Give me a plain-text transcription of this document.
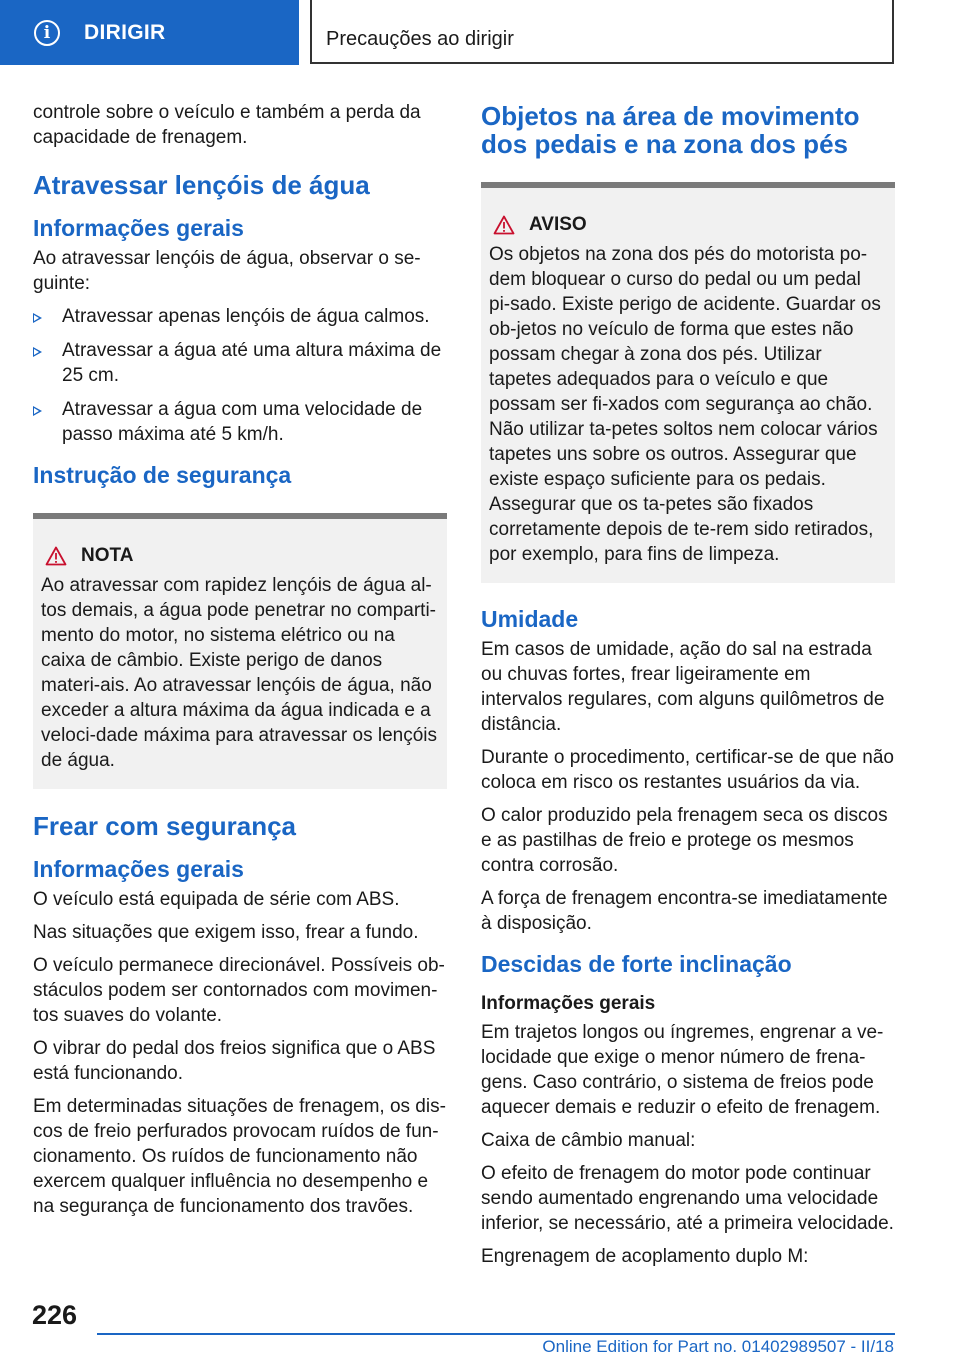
i	DIRIGIR	Precauções ao dirigir

controle sobre o veículo e também a perda da capacidade de frenagem.

Atravessar lençóis de água
Informações gerais

Ao atravessar lençóis de água, observar o se-guinte:

Atravessar apenas lençóis de água calmos.
Atravessar a água até uma altura máxima de 25 cm.
Atravessar a água com uma velocidade de passo máxima até 5 km/h.
Instrução de segurança
NOTA

Ao atravessar com rapidez lençóis de água al-tos demais, a água pode penetrar no comparti-mento do motor, no sistema elétrico ou na caixa de câmbio. Existe perigo de danos materi-ais. Ao atravessar lençóis de água, não exceder a altura máxima da água indicada e a veloci-dade máxima para atravessar os lençóis de água.

Frear com segurança
Informações gerais

O veículo está equipada de série com ABS.

Nas situações que exigem isso, frear a fundo.

O veículo permanece direcionável. Possíveis ob-stáculos podem ser contornados com movimen-tos suaves do volante.

O vibrar do pedal dos freios significa que o ABS está funcionando.

Em determinadas situações de frenagem, os dis-cos de freio perfurados provocam ruídos de fun-cionamento. Os ruídos de funcionamento não exercem qualquer influência no desempenho e na segurança de funcionamento dos travões.

Objetos na área de movimento dos pedais e na zona dos pés
AVISO

Os objetos na zona dos pés do motorista po-dem bloquear o curso do pedal ou um pedal pi-sado. Existe perigo de acidente. Guardar os ob-jetos no veículo de forma que estes não possam chegar à zona dos pés. Utilizar tapetes adequados para o veículo e que possam ser fi-xados com segurança ao chão. Não utilizar ta-petes soltos nem colocar vários tapetes uns sobre os outros. Assegurar que existe espaço suficiente para os pedais. Assegurar que os ta-petes são fixados corretamente depois de te-rem sido retirados, por exemplo, para fins de limpeza.

Umidade

Em casos de umidade, ação do sal na estrada ou chuvas fortes, frear ligeiramente em intervalos regulares, com alguns quilômetros de distância.

Durante o procedimento, certificar-se de que não coloca em risco os restantes usuários da via.

O calor produzido pela frenagem seca os discos e as pastilhas de freio e protege os mesmos contra corrosão.

A força de frenagem encontra-se imediatamente à disposição.

Descidas de forte inclinação
Informações gerais

Em trajetos longos ou íngremes, engrenar a ve-locidade que exige o menor número de frena-gens. Caso contrário, o sistema de freios pode aquecer demais e reduzir o efeito de frenagem.

Caixa de câmbio manual:

O efeito de frenagem do motor pode continuar sendo aumentado engrenando uma velocidade inferior, se necessário, até a primeira velocidade.

Engrenagem de acoplamento duplo M:

226
Online Edition for Part no. 01402989507 - II/18
